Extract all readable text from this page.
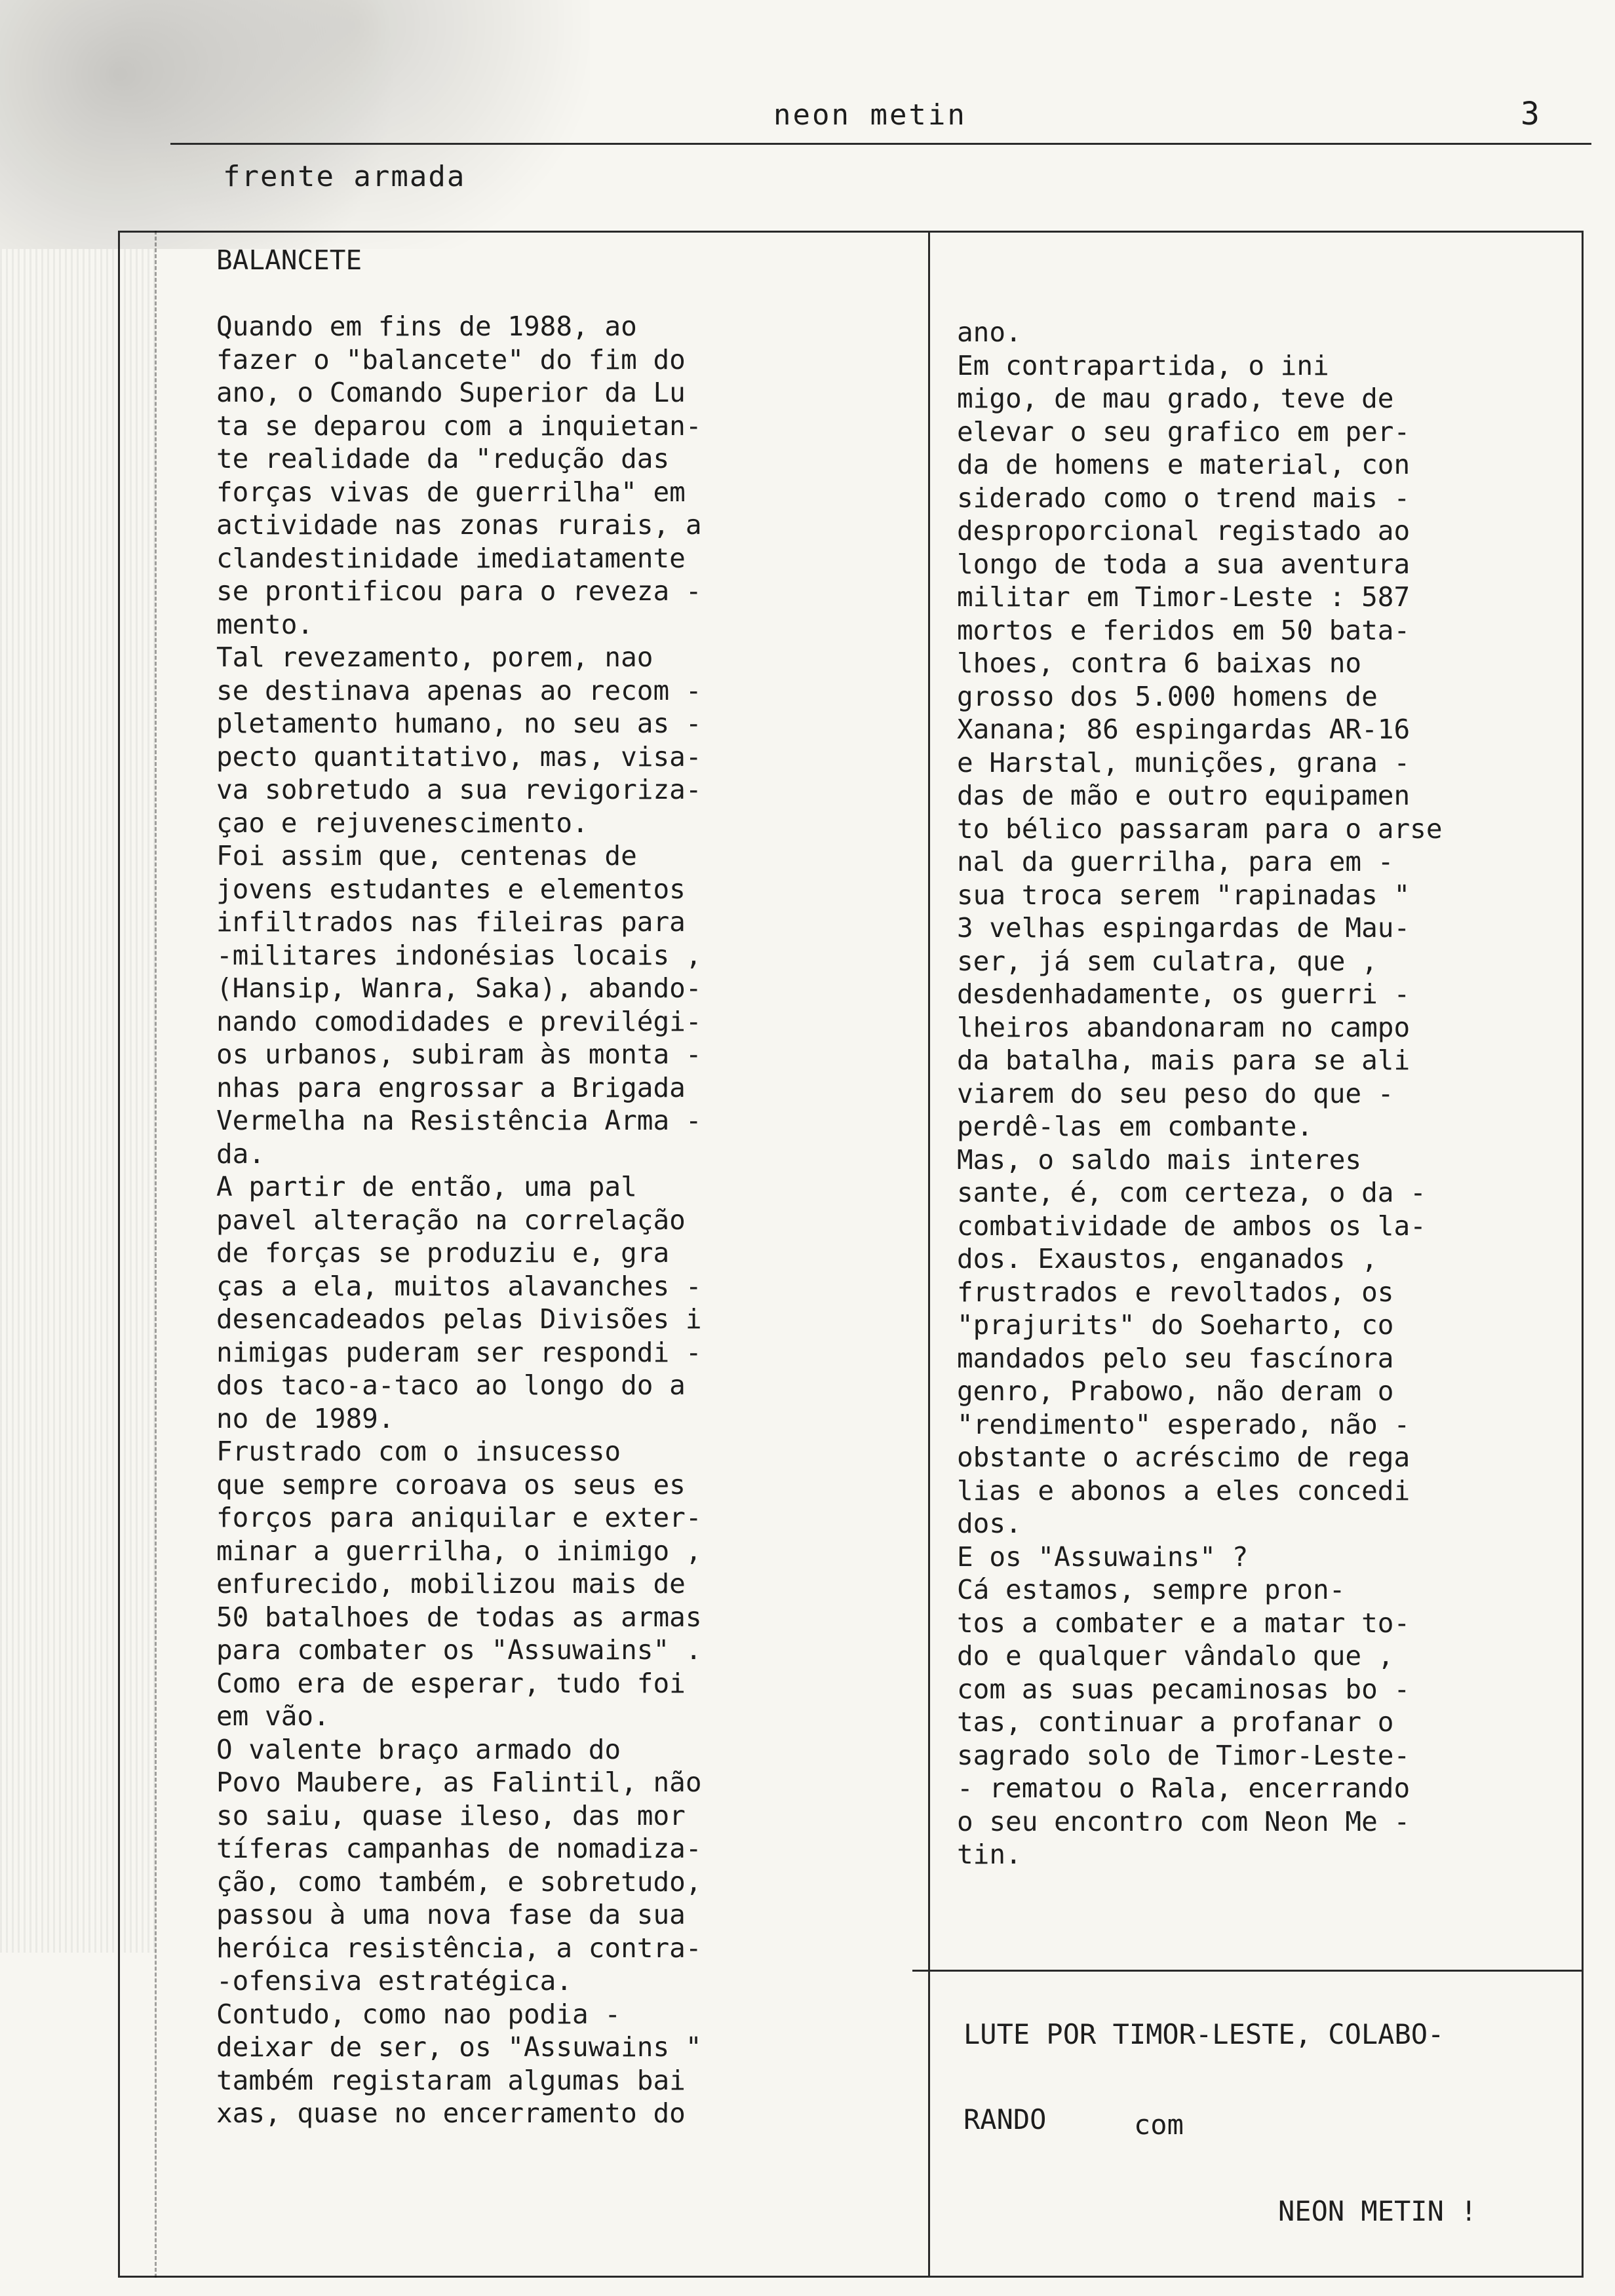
neon metin	3
frente armada
BALANCETE

Quando em fins de 1988, ao
fazer o "balancete" do fim do
ano, o Comando Superior da Lu
ta se deparou com a inquietan-
te realidade da "redução das
forças vivas de guerrilha" em
actividade nas zonas rurais, a
clandestinidade imediatamente
se prontificou para o reveza -
mento.
Tal revezamento, porem, nao
se destinava apenas ao recom -
pletamento humano, no seu as -
pecto quantitativo, mas, visa-
va sobretudo a sua revigoriza-
çao e rejuvenescimento.
Foi assim que, centenas de
jovens estudantes e elementos
infiltrados nas fileiras para
-militares indonésias locais ,
(Hansip, Wanra, Saka), abando-
nando comodidades e previlégi-
os urbanos, subiram às monta -
nhas para engrossar a Brigada
Vermelha na Resistência Arma -
da.
A partir de então, uma pal
pavel alteração na correlação
de forças se produziu e, gra
ças a ela, muitos alavanches -
desencadeados pelas Divisões i
nimigas puderam ser respondi -
dos taco-a-taco ao longo do a
no de 1989.
Frustrado com o insucesso
que sempre coroava os seus es
forços para aniquilar e exter-
minar a guerrilha, o inimigo ,
enfurecido, mobilizou mais de
50 batalhoes de todas as armas
para combater os "Assuwains" .
Como era de esperar, tudo foi
em vão.
O valente braço armado do
Povo Maubere, as Falintil, não
so saiu, quase ileso, das mor
tíferas campanhas de nomadiza-
ção, como também, e sobretudo,
passou à uma nova fase da sua
heróica resistência, a contra-
-ofensiva estratégica.
Contudo, como nao podia -
deixar de ser, os "Assuwains "
também registaram algumas bai
xas, quase no encerramento do
ano.
Em contrapartida, o ini
migo, de mau grado, teve de
elevar o seu grafico em per-
da de homens e material, con
siderado como o trend mais -
desproporcional registado ao
longo de toda a sua aventura
militar em Timor-Leste : 587
mortos e feridos em 50 bata-
lhoes, contra 6 baixas no
grosso dos 5.000 homens de
Xanana; 86 espingardas AR-16
e Harstal, munições, grana -
das de mão e outro equipamen
to bélico passaram para o arse
nal da guerrilha, para em -
sua troca serem "rapinadas "
3 velhas espingardas de Mau-
ser, já sem culatra, que ,
desdenhadamente, os guerri -
lheiros abandonaram no campo
da batalha, mais para se ali
viarem do seu peso do que -
perdê-las em combante.
Mas, o saldo mais interes
sante, é, com certeza, o da -
combatividade de ambos os la-
dos. Exaustos, enganados ,
frustrados e revoltados, os
"prajurits" do Soeharto, co
mandados pelo seu fascínora
genro, Prabowo, não deram o
"rendimento" esperado, não -
obstante o acréscimo de rega
lias e abonos a eles concedi
dos.
E os "Assuwains" ?
Cá estamos, sempre pron-
tos a combater e a matar to-
do e qualquer vândalo que ,
com as suas pecaminosas bo -
tas, continuar a profanar o
sagrado solo de Timor-Leste-
- rematou o Rala, encerrando
o seu encontro com Neon Me -
tin.
LUTE POR TIMOR-LESTE, COLABO-
RANDO	com
NEON METIN !
